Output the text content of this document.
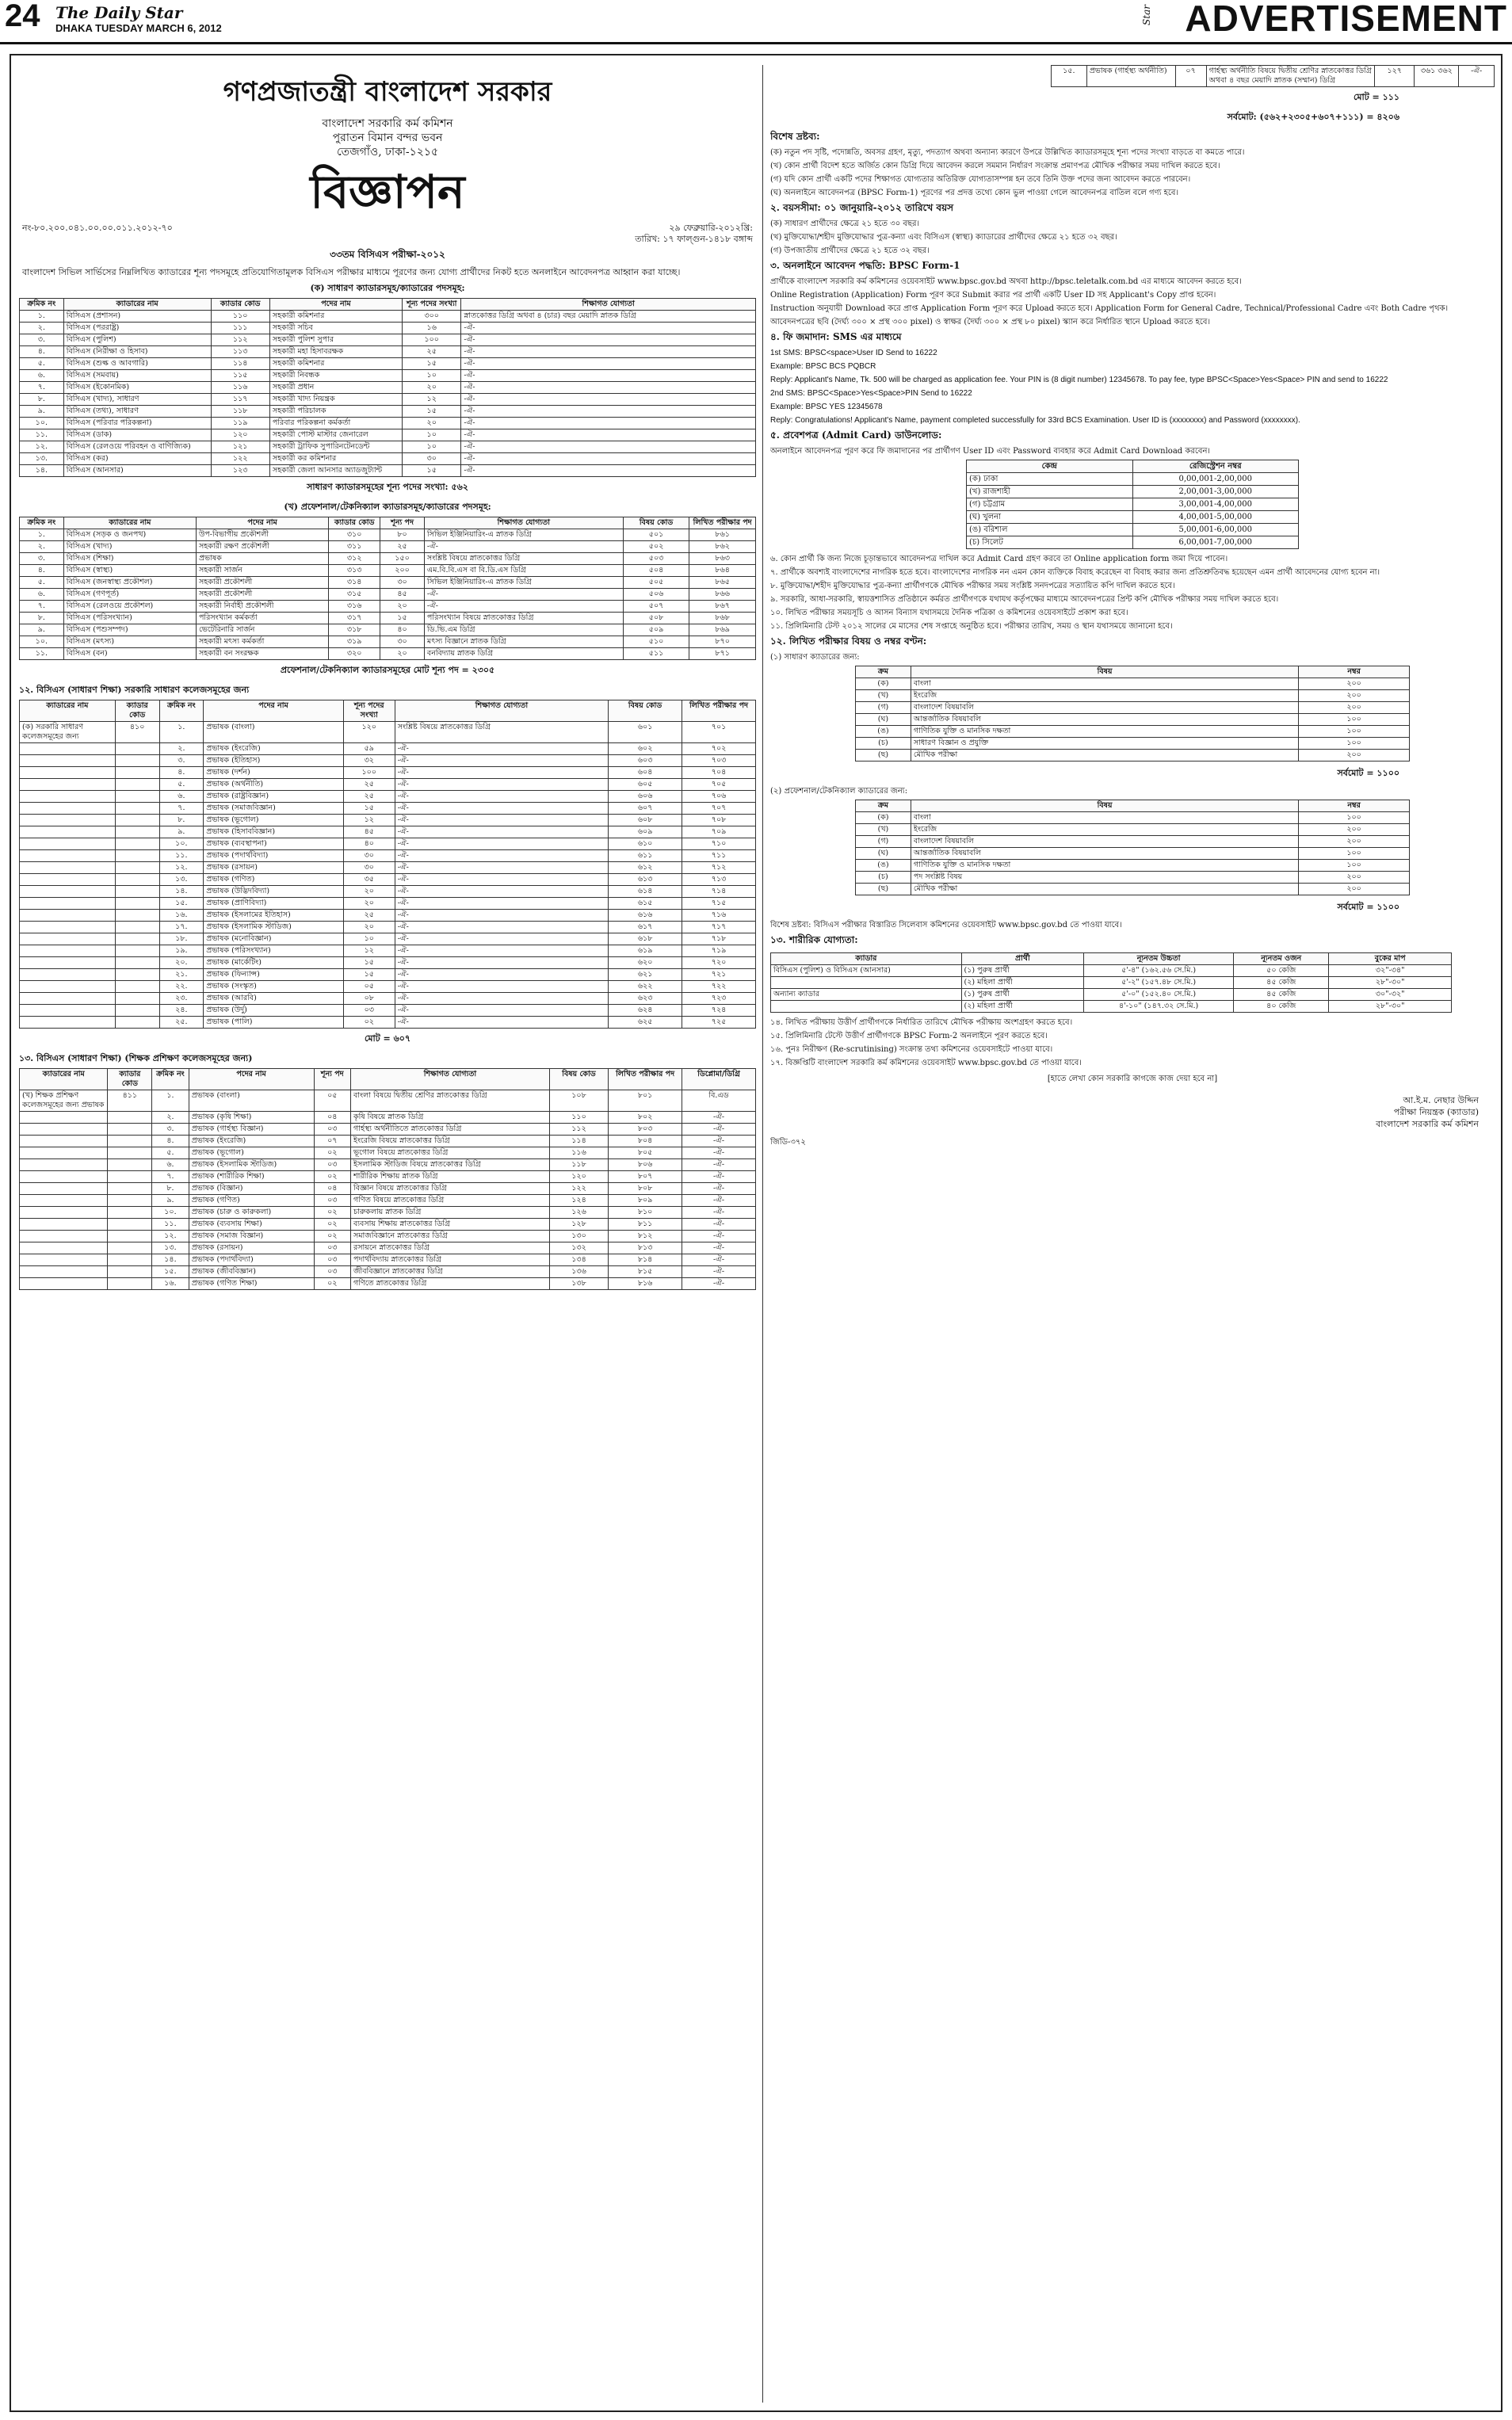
24 The Daily Star
DHAKA TUESDAY MARCH 6, 2012
Star ADVERTISEMENT
গণপ্রজাতন্ত্রী বাংলাদেশ সরকার
বাংলাদেশ সরকারি কর্ম কমিশন
পুরাতন বিমান বন্দর ভবন
তেজগাঁও, ঢাকা-১২১৫
বিজ্ঞাপন
নং-৮০.২০০.০৪১.০০.০০.০১১.২০১২-৭০	২৯ ফেব্রুয়ারি-২০১২খ্রি:
তারিখ: ১৭ ফাল্গুন-১৪১৮ বঙ্গাব্দ
৩৩তম বিসিএস পরীক্ষা-২০১২
বাংলাদেশ সিভিল সার্ভিসের নিম্নলিখিত ক্যাডারের শূন্য পদসমূহে প্রতিযোগিতামূলক বিসিএস পরীক্ষার মাধ্যমে পূরণের জন্য যোগ্য প্রার্থীদের নিকট হতে অনলাইনে আবেদনপত্র আহ্বান করা যাচ্ছে।
(ক) সাধারণ ক্যাডারসমূহ/ক্যাডারের পদসমূহ:
ক্রমিক নং	ক্যাডারের নাম	ক্যাডার কোড	পদের নাম	শূন্য পদের সংখ্যা	শিক্ষাগত যোগ্যতা
১.	বিসিএস (প্রশাসন)	১১০	সহকারী কমিশনার	৩০০	স্নাতকোত্তর ডিগ্রি অথবা ৪ (চার) বছর মেয়াদি স্নাতক ডিগ্রি
২.	বিসিএস (পররাষ্ট্র)	১১১	সহকারী সচিব	১৬	-ঐ-
৩.	বিসিএস (পুলিশ)	১১২	সহকারী পুলিশ সুপার	১০০	-ঐ-
৪.	বিসিএস (নিরীক্ষা ও হিসাব)	১১৩	সহকারী মহা হিসাবরক্ষক	২৫	-ঐ-
৫.	বিসিএস (শুল্ক ও আবগারি)	১১৪	সহকারী কমিশনার	১৫	-ঐ-
৬.	বিসিএস (সমবায়)	১১৫	সহকারী নিবন্ধক	১০	-ঐ-
৭.	বিসিএস (ইকোনমিক)	১১৬	সহকারী প্রধান	২০	-ঐ-
৮.	বিসিএস (খাদ্য), সাধারণ	১১৭	সহকারী খাদ্য নিয়ন্ত্রক	১২	-ঐ-
৯.	বিসিএস (তথ্য), সাধারণ	১১৮	সহকারী পরিচালক	১৫	-ঐ-
১০.	বিসিএস (পরিবার পরিকল্পনা)	১১৯	পরিবার পরিকল্পনা কর্মকর্তা	২০	-ঐ-
১১.	বিসিএস (ডাক)	১২০	সহকারী পোস্ট মাস্টার জেনারেল	১০	-ঐ-
১২.	বিসিএস (রেলওয়ে পরিবহন ও বাণিজ্যিক)	১২১	সহকারী ট্রাফিক সুপারিনটেনডেন্ট	১০	-ঐ-
১৩.	বিসিএস (কর)	১২২	সহকারী কর কমিশনার	৩০	-ঐ-
১৪.	বিসিএস (আনসার)	১২৩	সহকারী জেলা আনসার অ্যাডজুট্যান্ট	১৫	-ঐ-
সাধারণ ক্যাডারসমূহের শূন্য পদের সংখ্যা: ৫৬২
(খ) প্রফেশনাল/টেকনিক্যাল ক্যাডারসমূহ/ক্যাডারের পদসমূহ:
ক্রমিক নং	ক্যাডারের নাম	পদের নাম	ক্যাডার কোড	শূন্য পদ	শিক্ষাগত যোগ্যতা	বিষয় কোড	লিখিত পরীক্ষার পদ
১.	বিসিএস (সড়ক ও জনপথ)	উপ-বিভাগীয় প্রকৌশলী	৩১০	৮০	সিভিল ইঞ্জিনিয়ারিং-এ স্নাতক ডিগ্রি	৫০১	৮৬১
২.	বিসিএস (খাদ্য)	সহকারী রক্ষণ প্রকৌশলী	৩১১	২৫	-ঐ-	৫০২	৮৬২
৩.	বিসিএস (শিক্ষা)	প্রভাষক	৩১২	১৫০	সংশ্লিষ্ট বিষয়ে স্নাতকোত্তর ডিগ্রি	৫০৩	৮৬৩
৪.	বিসিএস (স্বাস্থ্য)	সহকারী সার্জন	৩১৩	২০০	এম.বি.বি.এস বা বি.ডি.এস ডিগ্রি	৫০৪	৮৬৪
৫.	বিসিএস (জনস্বাস্থ্য প্রকৌশল)	সহকারী প্রকৌশলী	৩১৪	৩০	সিভিল ইঞ্জিনিয়ারিং-এ স্নাতক ডিগ্রি	৫০৫	৮৬৫
৬.	বিসিএস (গণপূর্ত)	সহকারী প্রকৌশলী	৩১৫	৪৫	-ঐ-	৫০৬	৮৬৬
৭.	বিসিএস (রেলওয়ে প্রকৌশল)	সহকারী নির্বাহী প্রকৌশলী	৩১৬	২০	-ঐ-	৫০৭	৮৬৭
৮.	বিসিএস (পরিসংখ্যান)	পরিসংখ্যান কর্মকর্তা	৩১৭	১৫	পরিসংখ্যান বিষয়ে স্নাতকোত্তর ডিগ্রি	৫০৮	৮৬৮
৯.	বিসিএস (পশুসম্পদ)	ভেটেরিনারি সার্জন	৩১৮	৪০	ডি.ভি.এম ডিগ্রি	৫০৯	৮৬৯
১০.	বিসিএস (মৎস্য)	সহকারী মৎস্য কর্মকর্তা	৩১৯	৩০	মৎস্য বিজ্ঞানে স্নাতক ডিগ্রি	৫১০	৮৭০
১১.	বিসিএস (বন)	সহকারী বন সংরক্ষক	৩২০	২০	বনবিদ্যায় স্নাতক ডিগ্রি	৫১১	৮৭১
প্রফেশনাল/টেকনিক্যাল ক্যাডারসমূহের মোট শূন্য পদ = ২৩০৫
১২. বিসিএস (সাধারণ শিক্ষা) সরকারি সাধারণ কলেজসমূহের জন্য
ক্যাডারের নাম	ক্যাডার কোড	ক্রমিক নং	পদের নাম	শূন্য পদের সংখ্যা	শিক্ষাগত যোগ্যতা	বিষয় কোড	লিখিত পরীক্ষার পদ
(ক) সরকারি সাধারণ কলেজসমূহের জন্য	৪১০	১.	প্রভাষক (বাংলা)	১২০	সংশ্লিষ্ট বিষয়ে স্নাতকোত্তর ডিগ্রি	৬০১	৭০১
		২.	প্রভাষক (ইংরেজি)	৫৯	-ঐ-	৬০২	৭০২
		৩.	প্রভাষক (ইতিহাস)	৩২	-ঐ-	৬০৩	৭০৩
		৪.	প্রভাষক (দর্শন)	১০০	-ঐ-	৬০৪	৭০৪
		৫.	প্রভাষক (অর্থনীতি)	২৫	-ঐ-	৬০৫	৭০৫
		৬.	প্রভাষক (রাষ্ট্রবিজ্ঞান)	২৫	-ঐ-	৬০৬	৭০৬
		৭.	প্রভাষক (সমাজবিজ্ঞান)	১৫	-ঐ-	৬০৭	৭০৭
		৮.	প্রভাষক (ভূগোল)	১২	-ঐ-	৬০৮	৭০৮
		৯.	প্রভাষক (হিসাববিজ্ঞান)	৪৫	-ঐ-	৬০৯	৭০৯
		১০.	প্রভাষক (ব্যবস্থাপনা)	৪০	-ঐ-	৬১০	৭১০
		১১.	প্রভাষক (পদার্থবিদ্যা)	৩০	-ঐ-	৬১১	৭১১
		১২.	প্রভাষক (রসায়ন)	৩০	-ঐ-	৬১২	৭১২
		১৩.	প্রভাষক (গণিত)	৩৫	-ঐ-	৬১৩	৭১৩
		১৪.	প্রভাষক (উদ্ভিদবিদ্যা)	২০	-ঐ-	৬১৪	৭১৪
		১৫.	প্রভাষক (প্রাণিবিদ্যা)	২০	-ঐ-	৬১৫	৭১৫
		১৬.	প্রভাষক (ইসলামের ইতিহাস)	২৫	-ঐ-	৬১৬	৭১৬
		১৭.	প্রভাষক (ইসলামিক স্টাডিজ)	২০	-ঐ-	৬১৭	৭১৭
		১৮.	প্রভাষক (মনোবিজ্ঞান)	১০	-ঐ-	৬১৮	৭১৮
		১৯.	প্রভাষক (পরিসংখ্যান)	১২	-ঐ-	৬১৯	৭১৯
		২০.	প্রভাষক (মার্কেটিং)	১৫	-ঐ-	৬২০	৭২০
		২১.	প্রভাষক (ফিন্যান্স)	১৫	-ঐ-	৬২১	৭২১
		২২.	প্রভাষক (সংস্কৃত)	০৫	-ঐ-	৬২২	৭২২
		২৩.	প্রভাষক (আরবি)	০৮	-ঐ-	৬২৩	৭২৩
		২৪.	প্রভাষক (উর্দু)	০৩	-ঐ-	৬২৪	৭২৪
		২৫.	প্রভাষক (পালি)	০২	-ঐ-	৬২৫	৭২৫
মোট = ৬০৭
১৩. বিসিএস (সাধারণ শিক্ষা) (শিক্ষক প্রশিক্ষণ কলেজসমূহের জন্য)
ক্যাডারের নাম	ক্যাডার কোড	ক্রমিক নং	পদের নাম	শূন্য পদ	শিক্ষাগত যোগ্যতা	বিষয় কোড	লিখিত পরীক্ষার পদ	ডিপ্লোমা/ডিগ্রি
(খ) শিক্ষক প্রশিক্ষণ কলেজসমূহের জন্য প্রভাষক	৪১১	১.	প্রভাষক (বাংলা)	০৫	বাংলা বিষয়ে দ্বিতীয় শ্রেণির স্নাতকোত্তর ডিগ্রি	১০৮	৮০১	বি.এড
		২.	প্রভাষক (কৃষি শিক্ষা)	০৪	কৃষি বিষয়ে স্নাতক ডিগ্রি	১১০	৮০২	-ঐ-
		৩.	প্রভাষক (গার্হস্থ্য বিজ্ঞান)	০৩	গার্হস্থ্য অর্থনীতিতে স্নাতকোত্তর ডিগ্রি	১১২	৮০৩	-ঐ-
		৪.	প্রভাষক (ইংরেজি)	০৭	ইংরেজি বিষয়ে স্নাতকোত্তর ডিগ্রি	১১৪	৮০৪	-ঐ-
		৫.	প্রভাষক (ভূগোল)	০২	ভূগোল বিষয়ে স্নাতকোত্তর ডিগ্রি	১১৬	৮০৫	-ঐ-
		৬.	প্রভাষক (ইসলামিক স্টাডিজ)	০৩	ইসলামিক স্টাডিজ বিষয়ে স্নাতকোত্তর ডিগ্রি	১১৮	৮০৬	-ঐ-
		৭.	প্রভাষক (শারীরিক শিক্ষা)	০২	শারীরিক শিক্ষায় স্নাতক ডিগ্রি	১২০	৮০৭	-ঐ-
		৮.	প্রভাষক (বিজ্ঞান)	০৪	বিজ্ঞান বিষয়ে স্নাতকোত্তর ডিগ্রি	১২২	৮০৮	-ঐ-
		৯.	প্রভাষক (গণিত)	০৩	গণিত বিষয়ে স্নাতকোত্তর ডিগ্রি	১২৪	৮০৯	-ঐ-
		১০.	প্রভাষক (চারু ও কারুকলা)	০২	চারুকলায় স্নাতক ডিগ্রি	১২৬	৮১০	-ঐ-
		১১.	প্রভাষক (ব্যবসায় শিক্ষা)	০২	ব্যবসায় শিক্ষায় স্নাতকোত্তর ডিগ্রি	১২৮	৮১১	-ঐ-
		১২.	প্রভাষক (সমাজ বিজ্ঞান)	০২	সমাজবিজ্ঞানে স্নাতকোত্তর ডিগ্রি	১৩০	৮১২	-ঐ-
		১৩.	প্রভাষক (রসায়ন)	০৩	রসায়নে স্নাতকোত্তর ডিগ্রি	১৩২	৮১৩	-ঐ-
		১৪.	প্রভাষক (পদার্থবিদ্যা)	০৩	পদার্থবিদ্যায় স্নাতকোত্তর ডিগ্রি	১৩৪	৮১৪	-ঐ-
		১৫.	প্রভাষক (জীববিজ্ঞান)	০৩	জীববিজ্ঞানে স্নাতকোত্তর ডিগ্রি	১৩৬	৮১৫	-ঐ-
		১৬.	প্রভাষক (গণিত শিক্ষা)	০২	গণিতে স্নাতকোত্তর ডিগ্রি	১৩৮	৮১৬	-ঐ-
১৫.	প্রভাষক (গার্হস্থ্য অর্থনীতি)	০৭	গার্হস্থ্য অর্থনীতি বিষয়ে দ্বিতীয় শ্রেণির স্নাতকোত্তর ডিগ্রি অথবা ৪ বছর মেয়াদি স্নাতক (সম্মান) ডিগ্রি	১২৭	৩৬১ ৩৬২	-ঐ-
মোট = ১১১
সর্বমোট: (৫৬২+২৩০৫+৬০৭+১১১) = ৪২০৬
বিশেষ দ্রষ্টব্য:
(ক) নতুন পদ সৃষ্টি, পদোন্নতি, অবসর গ্রহণ, মৃত্যু, পদত্যাগ অথবা অন্যান্য কারণে উপরে উল্লিখিত ক্যাডারসমূহে শূন্য পদের সংখ্যা বাড়তে বা কমতে পারে।
(খ) কোন প্রার্থী বিদেশ হতে অর্জিত কোন ডিগ্রি দিয়ে আবেদন করলে সমমান নির্ধারণ সংক্রান্ত প্রমাণপত্র মৌখিক পরীক্ষার সময় দাখিল করতে হবে।
(গ) যদি কোন প্রার্থী একটি পদের শিক্ষাগত যোগ্যতার অতিরিক্ত যোগ্যতাসম্পন্ন হন তবে তিনি উক্ত পদের জন্য আবেদন করতে পারবেন।
(ঘ) অনলাইনে আবেদনপত্র (BPSC Form-1) পূরণের পর প্রদত্ত তথ্যে কোন ভুল পাওয়া গেলে আবেদনপত্র বাতিল বলে গণ্য হবে।
২. বয়সসীমা: ০১ জানুয়ারি-২০১২ তারিখে বয়স
(ক) সাধারণ প্রার্থীদের ক্ষেত্রে ২১ হতে ৩০ বছর।
(খ) মুক্তিযোদ্ধা/শহীদ মুক্তিযোদ্ধার পুত্র-কন্যা এবং বিসিএস (স্বাস্থ্য) ক্যাডারের প্রার্থীদের ক্ষেত্রে ২১ হতে ৩২ বছর।
(গ) উপজাতীয় প্রার্থীদের ক্ষেত্রে ২১ হতে ৩২ বছর।
৩. অনলাইনে আবেদন পদ্ধতি: BPSC Form-1
প্রার্থীকে বাংলাদেশ সরকারি কর্ম কমিশনের ওয়েবসাইট www.bpsc.gov.bd অথবা http://bpsc.teletalk.com.bd এর মাধ্যমে আবেদন করতে হবে।
Online Registration (Application) Form পূরণ করে Submit করার পর প্রার্থী একটি User ID সহ Applicant's Copy প্রাপ্ত হবেন।
Instruction অনুযায়ী Download করে প্রাপ্ত Application Form পূরণ করে Upload করতে হবে। Application Form for General Cadre, Technical/Professional Cadre এবং Both Cadre পৃথক।
আবেদনপত্রের ছবি (দৈর্ঘ্য ৩০০ × প্রস্থ ৩০০ pixel) ও স্বাক্ষর (দৈর্ঘ্য ৩০০ × প্রস্থ ৮০ pixel) স্ক্যান করে নির্ধারিত স্থানে Upload করতে হবে।
৪. ফি জমাদান: SMS এর মাধ্যমে
1st SMS: BPSC<space>User ID Send to 16222
Example: BPSC BCS PQBCR
Reply: Applicant's Name, Tk. 500 will be charged as application fee. Your PIN is (8 digit number) 12345678. To pay fee, type BPSC<Space>Yes<Space> PIN and send to 16222
2nd SMS: BPSC<Space>Yes<Space>PIN Send to 16222
Example: BPSC YES 12345678
Reply: Congratulations! Applicant's Name, payment completed successfully for 33rd BCS Examination. User ID is (xxxxxxxx) and Password (xxxxxxxx).
৫. প্রবেশপত্র (Admit Card) ডাউনলোড:
অনলাইনে আবেদনপত্র পূরণ করে ফি জমাদানের পর প্রার্থীগণ User ID এবং Password ব্যবহার করে Admit Card Download করবেন।
কেন্দ্র	রেজিস্ট্রেশন নম্বর
(ক) ঢাকা	0,00,001-2,00,000
(খ) রাজশাহী	2,00,001-3,00,000
(গ) চট্টগ্রাম	3,00,001-4,00,000
(ঘ) খুলনা	4,00,001-5,00,000
(ঙ) বরিশাল	5,00,001-6,00,000
(চ) সিলেট	6,00,001-7,00,000
৬. কোন প্রার্থী কি জন্য নিজে চূড়ান্তভাবে আবেদনপত্র দাখিল করে Admit Card গ্রহণ করবে তা Online application form জমা দিয়ে পাবেন।
৭. প্রার্থীকে অবশ্যই বাংলাদেশের নাগরিক হতে হবে। বাংলাদেশের নাগরিক নন এমন কোন ব্যক্তিকে বিবাহ করেছেন বা বিবাহ করার জন্য প্রতিশ্রুতিবদ্ধ হয়েছেন এমন প্রার্থী আবেদনের যোগ্য হবেন না।
৮. মুক্তিযোদ্ধা/শহীদ মুক্তিযোদ্ধার পুত্র-কন্যা প্রার্থীগণকে মৌখিক পরীক্ষার সময় সংশ্লিষ্ট সনদপত্রের সত্যায়িত কপি দাখিল করতে হবে।
৯. সরকারি, আধা-সরকারি, স্বায়ত্তশাসিত প্রতিষ্ঠানে কর্মরত প্রার্থীগণকে যথাযথ কর্তৃপক্ষের মাধ্যমে আবেদনপত্রের প্রিন্ট কপি মৌখিক পরীক্ষার সময় দাখিল করতে হবে।
১০. লিখিত পরীক্ষার সময়সূচি ও আসন বিন্যাস যথাসময়ে দৈনিক পত্রিকা ও কমিশনের ওয়েবসাইটে প্রকাশ করা হবে।
১১. প্রিলিমিনারি টেস্ট ২০১২ সালের মে মাসের শেষ সপ্তাহে অনুষ্ঠিত হবে। পরীক্ষার তারিখ, সময় ও স্থান যথাসময়ে জানানো হবে।
১২. লিখিত পরীক্ষার বিষয় ও নম্বর বণ্টন:
(১) সাধারণ ক্যাডারের জন্য:
ক্রম	বিষয়	নম্বর
(ক)	বাংলা	২০০
(খ)	ইংরেজি	২০০
(গ)	বাংলাদেশ বিষয়াবলি	২০০
(ঘ)	আন্তর্জাতিক বিষয়াবলি	১০০
(ঙ)	গাণিতিক যুক্তি ও মানসিক দক্ষতা	১০০
(চ)	সাধারণ বিজ্ঞান ও প্রযুক্তি	১০০
(ছ)	মৌখিক পরীক্ষা	২০০
সর্বমোট = ১১০০
(২) প্রফেশনাল/টেকনিক্যাল ক্যাডারের জন্য:
ক্রম	বিষয়	নম্বর
(ক)	বাংলা	১০০
(খ)	ইংরেজি	২০০
(গ)	বাংলাদেশ বিষয়াবলি	২০০
(ঘ)	আন্তর্জাতিক বিষয়াবলি	১০০
(ঙ)	গাণিতিক যুক্তি ও মানসিক দক্ষতা	১০০
(চ)	পদ সংশ্লিষ্ট বিষয়	২০০
(ছ)	মৌখিক পরীক্ষা	২০০
সর্বমোট = ১১০০
বিশেষ দ্রষ্টব্য: বিসিএস পরীক্ষার বিস্তারিত সিলেবাস কমিশনের ওয়েবসাইট www.bpsc.gov.bd তে পাওয়া যাবে।
১৩. শারীরিক যোগ্যতা:
ক্যাডার	প্রার্থী	ন্যূনতম উচ্চতা	ন্যূনতম ওজন	বুকের মাপ
বিসিএস (পুলিশ) ও বিসিএস (আনসার)	(১) পুরুষ প্রার্থী	৫'-৪" (১৬২.৫৬ সে.মি.)	৫০ কেজি	৩২"-৩৪"
	(২) মহিলা প্রার্থী	৫'-২" (১৫৭.৪৮ সে.মি.)	৪৫ কেজি	২৮"-৩০"
অন্যান্য ক্যাডার	(১) পুরুষ প্রার্থী	৫'-০" (১৫২.৪০ সে.মি.)	৪৫ কেজি	৩০"-৩২"
	(২) মহিলা প্রার্থী	৪'-১০" (১৪৭.৩২ সে.মি.)	৪০ কেজি	২৮"-৩০"
১৪. লিখিত পরীক্ষায় উত্তীর্ণ প্রার্থীগণকে নির্ধারিত তারিখে মৌখিক পরীক্ষায় অংশগ্রহণ করতে হবে।
১৫. প্রিলিমিনারি টেস্টে উত্তীর্ণ প্রার্থীগণকে BPSC Form-2 অনলাইনে পূরণ করতে হবে।
১৬. পুনঃ নিরীক্ষণ (Re-scrutinising) সংক্রান্ত তথ্য কমিশনের ওয়েবসাইটে পাওয়া যাবে।
১৭. বিজ্ঞপ্তিটি বাংলাদেশ সরকারি কর্ম কমিশনের ওয়েবসাইট www.bpsc.gov.bd তে পাওয়া যাবে।
[হাতে লেখা কোন সরকারি কাগজে কাজ দেয়া হবে না]
আ.ই.ম. নেছার উদ্দিন
পরীক্ষা নিয়ন্ত্রক (ক্যাডার)
বাংলাদেশ সরকারি কর্ম কমিশন
জিডি-৩৭২
